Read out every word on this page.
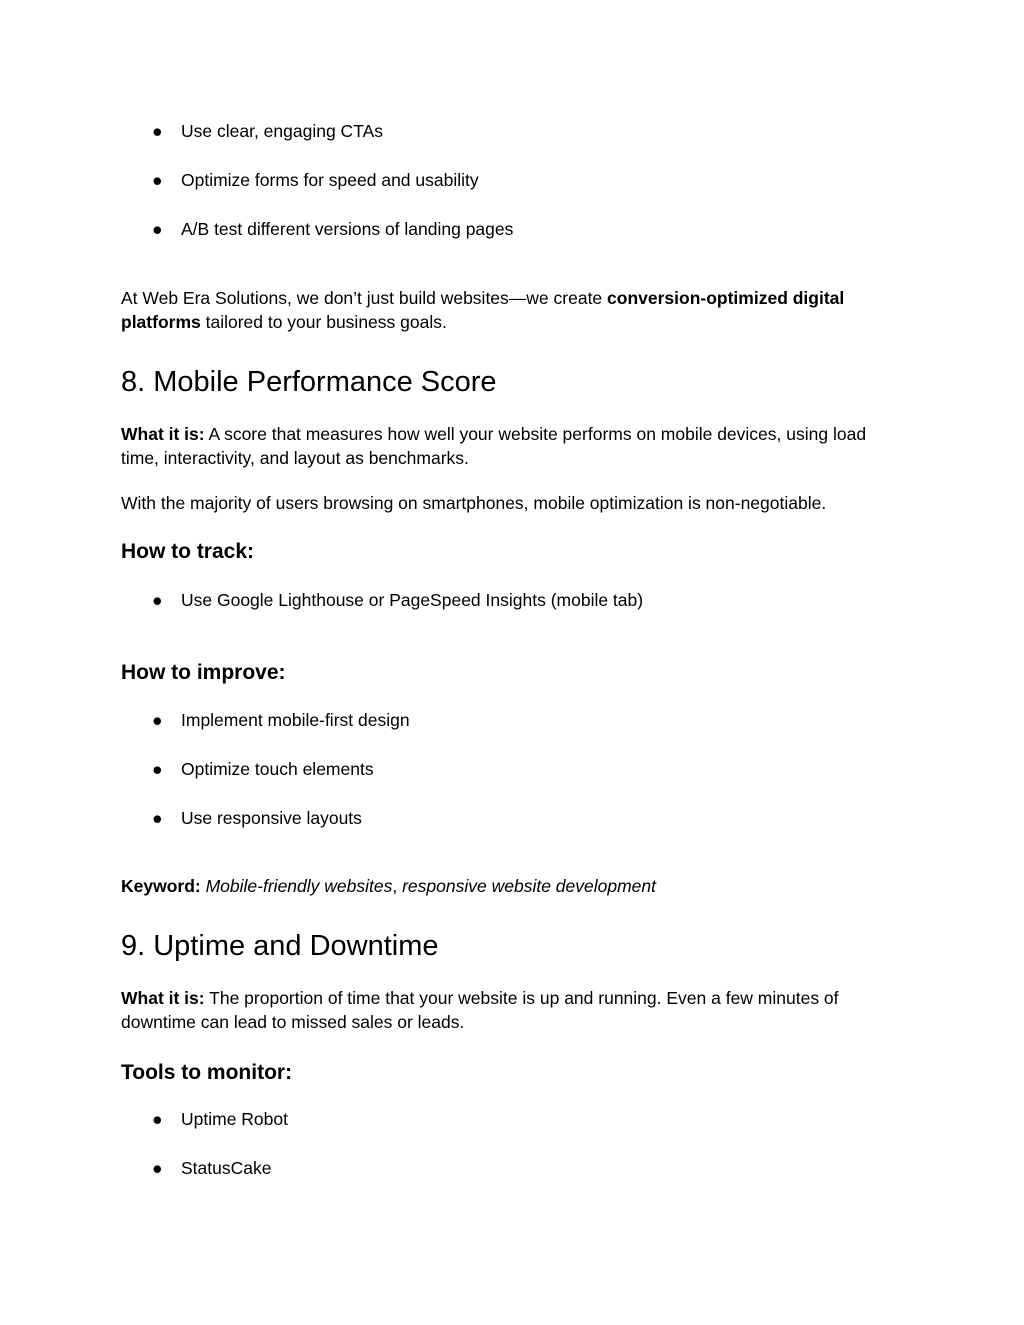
● Use clear, engaging CTAs
● Optimize forms for speed and usability
● A/B test different versions of landing pages
At Web Era Solutions, we don’t just build websites—we create conversion-optimized digital platforms tailored to your business goals.
8. Mobile Performance Score
What it is: A score that measures how well your website performs on mobile devices, using load time, interactivity, and layout as benchmarks.
With the majority of users browsing on smartphones, mobile optimization is non-negotiable.
How to track:
● Use Google Lighthouse or PageSpeed Insights (mobile tab)
How to improve:
● Implement mobile-first design
● Optimize touch elements
● Use responsive layouts
Keyword: Mobile-friendly websites, responsive website development
9. Uptime and Downtime
What it is: The proportion of time that your website is up and running. Even a few minutes of downtime can lead to missed sales or leads.
Tools to monitor:
● Uptime Robot
● StatusCake
